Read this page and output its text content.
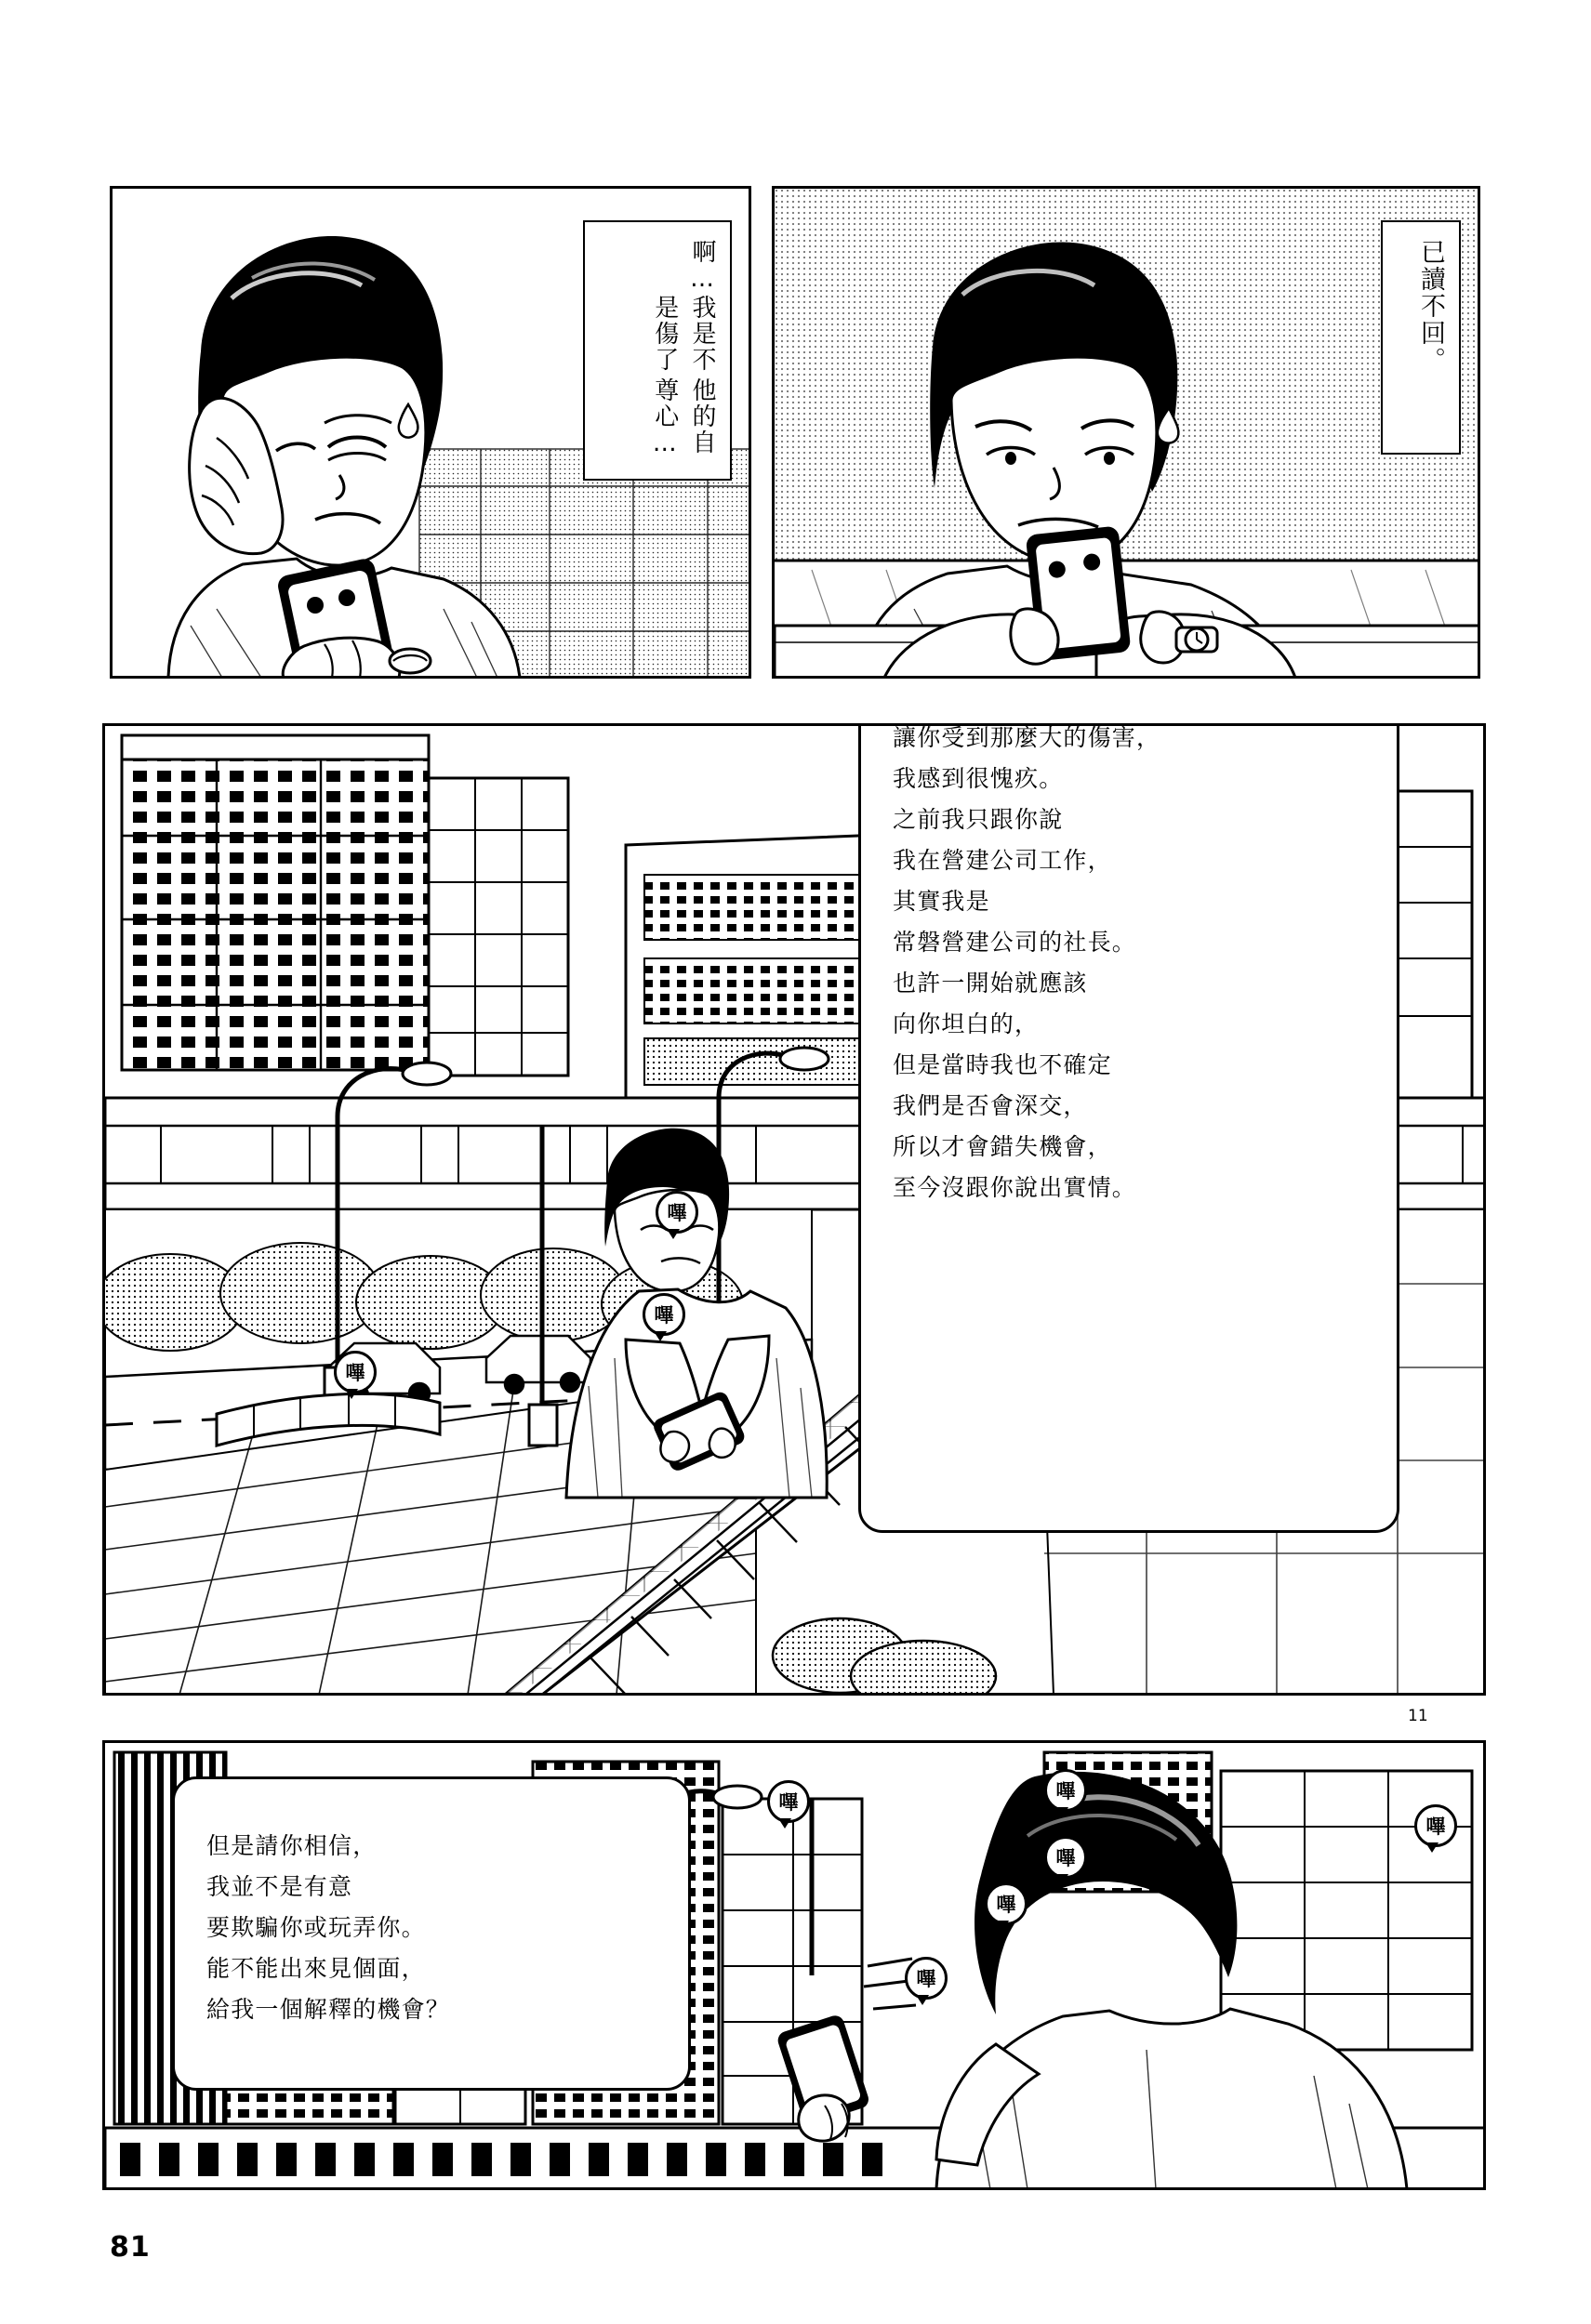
啊…
我是不是傷了
他的自尊心…
已讀不回。
嗶
嗶
嗶
讓你受到那麼大的傷害，
我感到很愧疚。
之前我只跟你說
我在營建公司工作，
其實我是
常磐營建公司的社長。
也許一開始就應該
向你坦白的，
但是當時我也不確定
我們是否會深交，
所以才會錯失機會，
至今沒跟你說出實情。
11
嗶	嗶
嗶
嗶
嗶
嗶
但是請你相信，
我並不是有意
要欺騙你或玩弄你。
能不能出來見個面，
給我一個解釋的機會？
81
